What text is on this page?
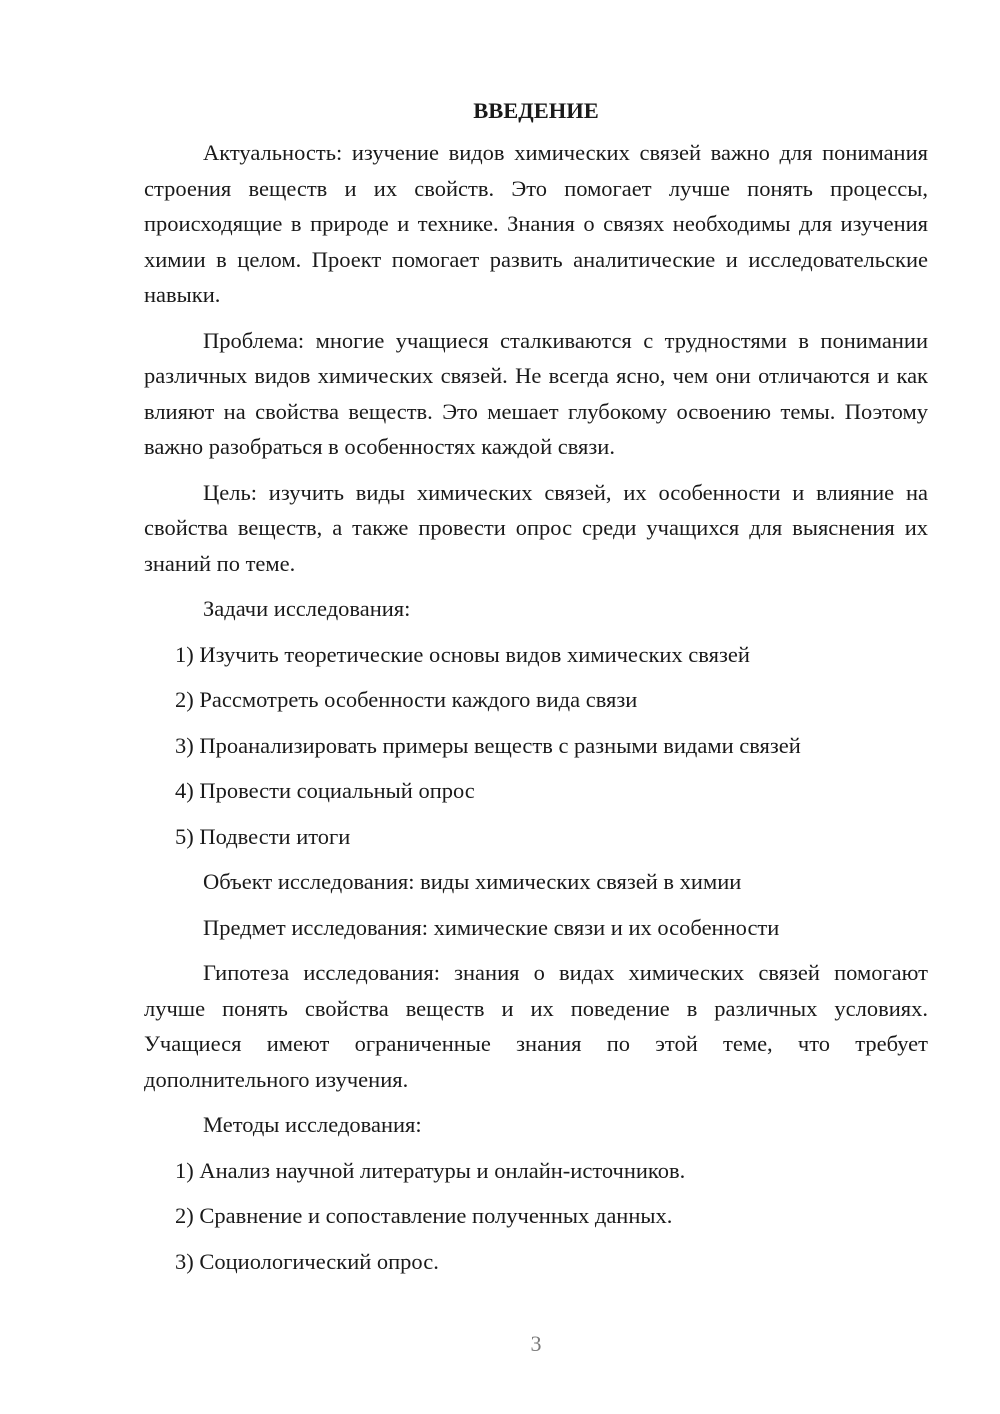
ВВЕДЕНИЕ

Актуальность: изучение видов химических связей важно для понимания строения веществ и их свойств. Это помогает лучше понять процессы, происходящие в природе и технике. Знания о связях необходимы для изучения химии в целом. Проект помогает развить аналитические и исследовательские навыки.

Проблема: многие учащиеся сталкиваются с трудностями в понимании различных видов химических связей. Не всегда ясно, чем они отличаются и как влияют на свойства веществ. Это мешает глубокому освоению темы. Поэтому важно разобраться в особенностях каждой связи.

Цель: изучить виды химических связей, их особенности и влияние на свойства веществ, а также провести опрос среди учащихся для выяснения их знаний по теме.

Задачи исследования:

1) Изучить теоретические основы видов химических связей
2) Рассмотреть особенности каждого вида связи
3) Проанализировать примеры веществ с разными видами связей
4) Провести социальный опрос
5) Подвести итоги

Объект исследования: виды химических связей в химии

Предмет исследования: химические связи и их особенности

Гипотеза исследования: знания о видах химических связей помогают лучше понять свойства веществ и их поведение в различных условиях. Учащиеся имеют ограниченные знания по этой теме, что требует дополнительного изучения.

Методы исследования:

1) Анализ научной литературы и онлайн-источников.
2) Сравнение и сопоставление полученных данных.
3) Социологический опрос.
3
